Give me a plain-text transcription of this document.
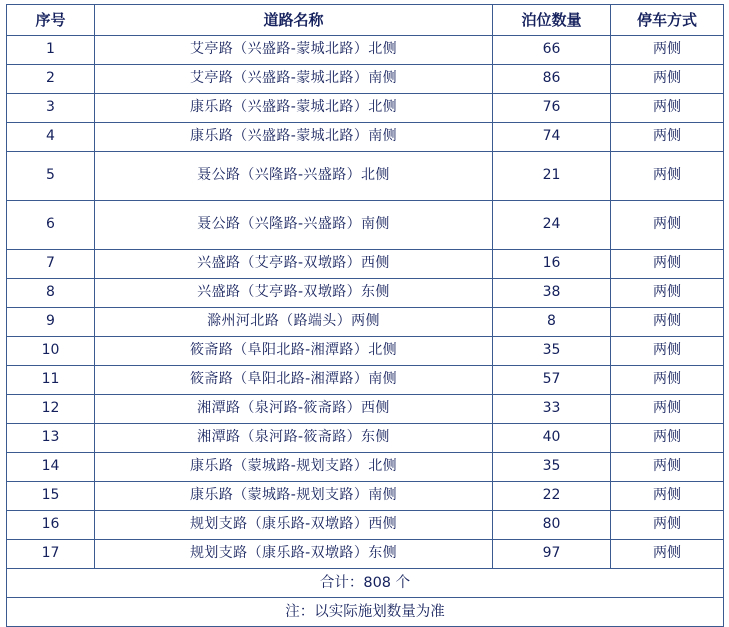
序号	道路名称	泊位数量	停车方式
1	艾亭路（兴盛路-蒙城北路）北侧	66	两侧
2	艾亭路（兴盛路-蒙城北路）南侧	86	两侧
3	康乐路（兴盛路-蒙城北路）北侧	76	两侧
4	康乐路（兴盛路-蒙城北路）南侧	74	两侧
5	聂公路（兴隆路-兴盛路）北侧	21	两侧
6	聂公路（兴隆路-兴盛路）南侧	24	两侧
7	兴盛路（艾亭路-双墩路）西侧	16	两侧
8	兴盛路（艾亭路-双墩路）东侧	38	两侧
9	滁州河北路（路端头）两侧	8	两侧
10	筱斋路（阜阳北路-湘潭路）北侧	35	两侧
11	筱斋路（阜阳北路-湘潭路）南侧	57	两侧
12	湘潭路（泉河路-筱斋路）西侧	33	两侧
13	湘潭路（泉河路-筱斋路）东侧	40	两侧
14	康乐路（蒙城路-规划支路）北侧	35	两侧
15	康乐路（蒙城路-规划支路）南侧	22	两侧
16	规划支路（康乐路-双墩路）西侧	80	两侧
17	规划支路（康乐路-双墩路）东侧	97	两侧
合计：808 个			
注：以实际施划数量为准			
